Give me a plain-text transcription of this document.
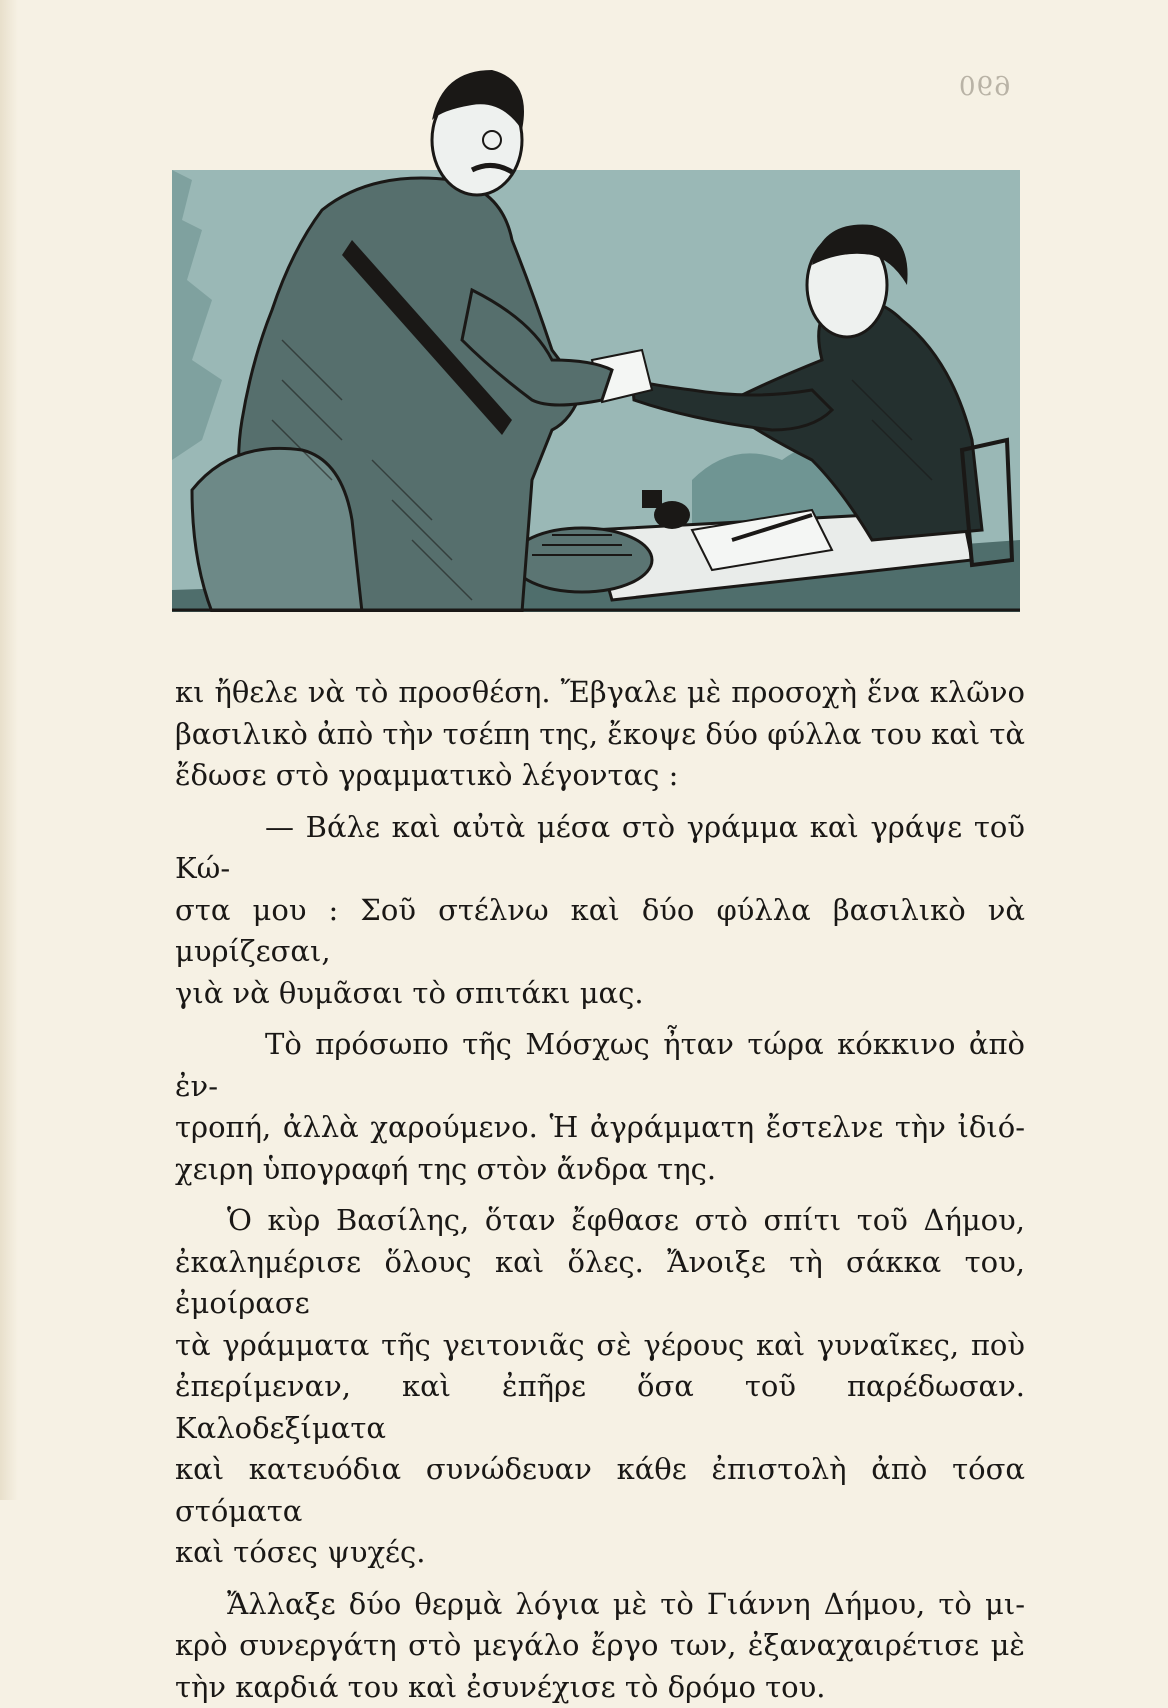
690

κι ἤθελε νὰ τὸ προσθέση. Ἔβγαλε μὲ προσοχὴ ἕνα κλῶνο

βασιλικὸ ἀπὸ τὴν τσέπη της, ἔκοψε δύο φύλλα του καὶ τὰ

ἔδωσε στὸ γραμματικὸ λέγοντας :

— Βάλε καὶ αὐτὰ μέσα στὸ γράμμα καὶ γράψε τοῦ Κώ-

στα μου : Σοῦ στέλνω καὶ δύο φύλλα βασιλικὸ νὰ μυρίζεσαι,

γιὰ νὰ θυμᾶσαι τὸ σπιτάκι μας.

Τὸ πρόσωπο τῆς Μόσχως ἦταν τώρα κόκκινο ἀπὸ ἐν-

τροπή, ἀλλὰ χαρούμενο. Ἡ ἀγράμματη ἔστελνε τὴν ἰδιό-

χειρη ὑπογραφή της στὸν ἄνδρα της.

Ὁ κὺρ Βασίλης, ὅταν ἔφθασε στὸ σπίτι τοῦ Δήμου,

ἐκαλημέρισε ὅλους καὶ ὅλες. Ἄνοιξε τὴ σάκκα του, ἐμοίρασε

τὰ γράμματα τῆς γειτονιᾶς σὲ γέρους καὶ γυναῖκες, ποὺ

ἐπερίμεναν, καὶ ἐπῆρε ὅσα τοῦ παρέδωσαν. Καλοδεξίματα

καὶ κατευόδια συνώδευαν κάθε ἐπιστολὴ ἀπὸ τόσα στόματα

καὶ τόσες ψυχές.

Ἄλλαξε δύο θερμὰ λόγια μὲ τὸ Γιάννη Δήμου, τὸ μι-

κρὸ συνεργάτη στὸ μεγάλο ἔργο των, ἐξαναχαιρέτισε μὲ

τὴν καρδιά του καὶ ἐσυνέχισε τὸ δρόμο του.
